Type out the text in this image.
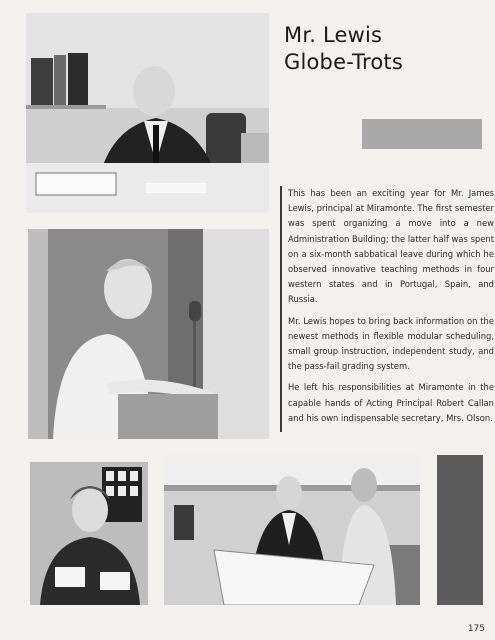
Mr. Lewis
Globe-Trots

This has been an exciting year for Mr. James Lewis, principal at Miramonte. The first semester was spent organizing a move into a new Administration Building; the latter half was spent on a six-month sabbatical leave during which he observed innovative teaching methods in four western states and in Portugal, Spain, and Russia.

Mr. Lewis hopes to bring back information on the newest methods in flexible modular scheduling, small group instruction, independent study, and the pass-fail grading system.

He left his responsibilities at Miramonte in the capable hands of Acting Principal Robert Callan and his own indispensable secretary, Mrs. Olson.

175
